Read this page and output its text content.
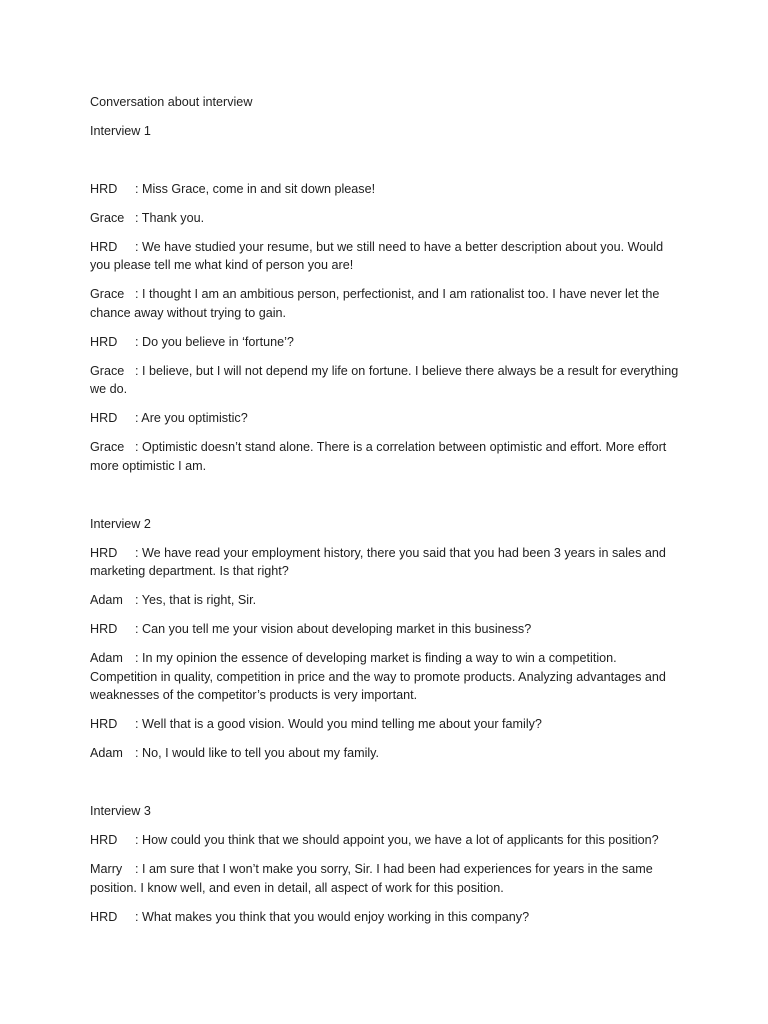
Conversation about interview

Interview 1

HRD : Miss Grace, come in and sit down please!

Grace : Thank you.

HRD : We have studied your resume, but we still need to have a better description about you. Would you please tell me what kind of person you are!

Grace : I thought I am an ambitious person, perfectionist, and I am rationalist too. I have never let the chance away without trying to gain.

HRD : Do you believe in ‘fortune’?

Grace : I believe, but I will not depend my life on fortune. I believe there always be a result for everything we do.

HRD : Are you optimistic?

Grace : Optimistic doesn’t stand alone. There is a correlation between optimistic and effort. More effort more optimistic I am.

Interview 2

HRD : We have read your employment history, there you said that you had been 3 years in sales and marketing department. Is that right?

Adam : Yes, that is right, Sir.

HRD : Can you tell me your vision about developing market in this business?

Adam : In my opinion the essence of developing market is finding a way to win a competition. Competition in quality, competition in price and the way to promote products. Analyzing advantages and weaknesses of the competitor’s products is very important.

HRD : Well that is a good vision. Would you mind telling me about your family?

Adam : No, I would like to tell you about my family.

Interview 3

HRD : How could you think that we should appoint you, we have a lot of applicants for this position?

Marry : I am sure that I won’t make you sorry, Sir. I had been had experiences for years in the same position. I know well, and even in detail, all aspect of work for this position.

HRD : What makes you think that you would enjoy working in this company?
